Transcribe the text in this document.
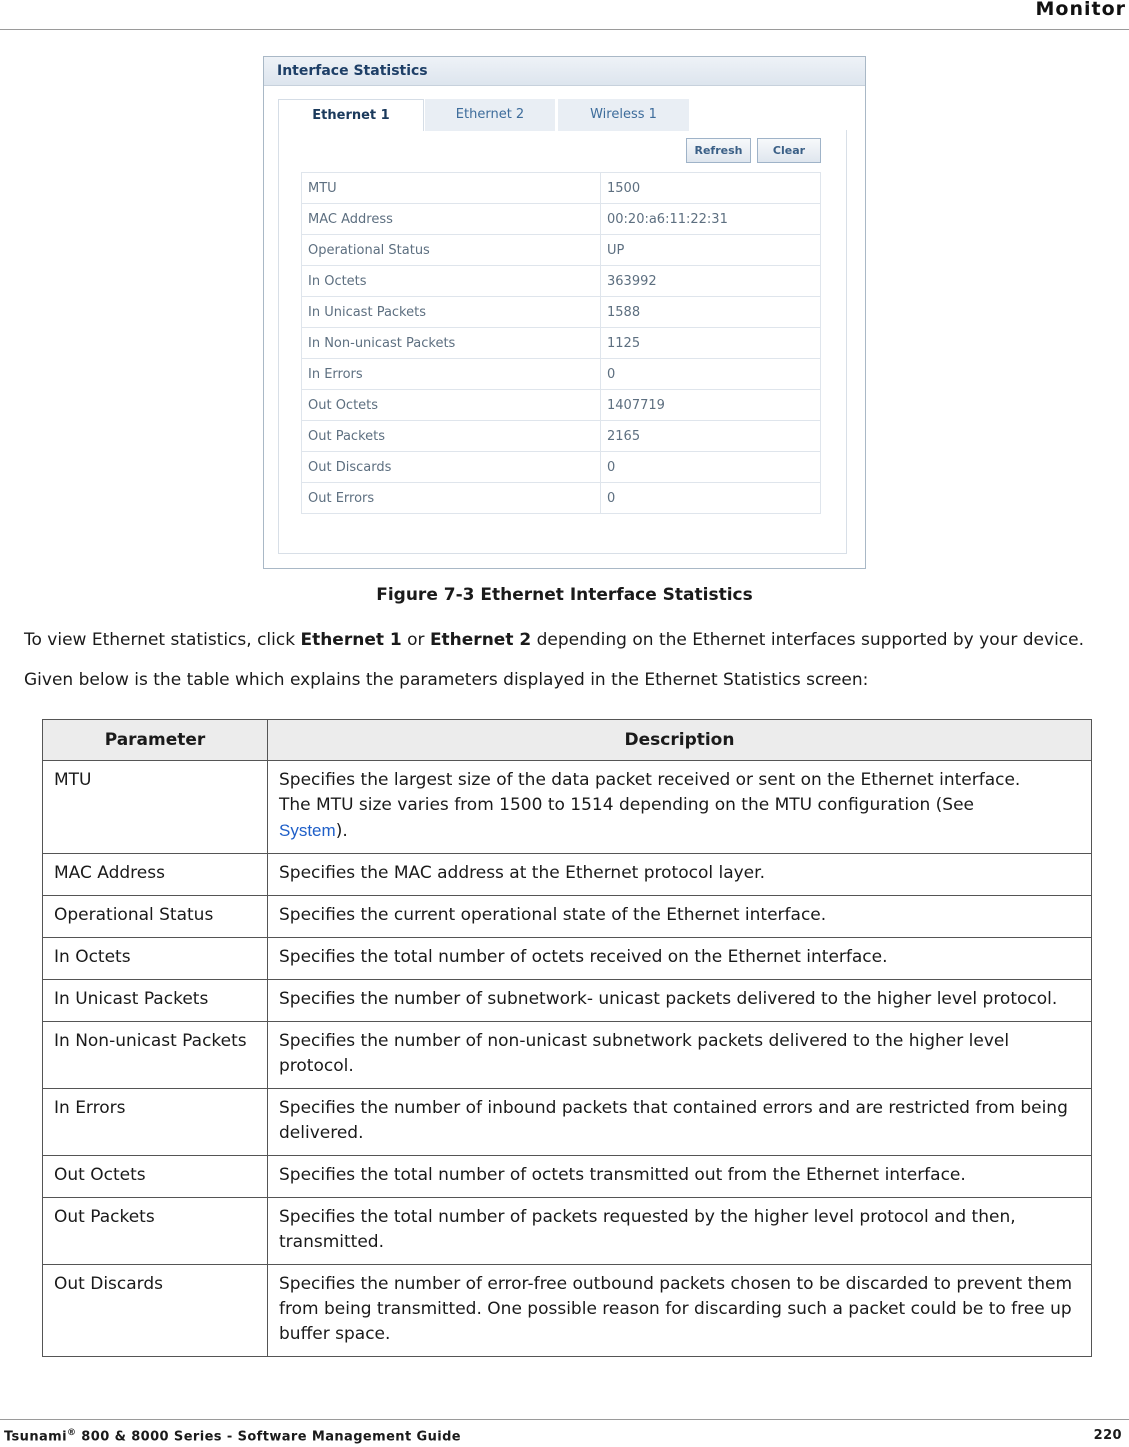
Monitor
Interface Statistics
Ethernet 1	Ethernet 2	Wireless 1
Refresh	Clear
MTU	1500
MAC Address	00:20:a6:11:22:31
Operational Status	UP
In Octets	363992
In Unicast Packets	1588
In Non-unicast Packets	1125
In Errors	0
Out Octets	1407719
Out Packets	2165
Out Discards	0
Out Errors	0
Figure 7-3 Ethernet Interface Statistics
To view Ethernet statistics, click Ethernet 1 or Ethernet 2 depending on the Ethernet interfaces supported by your device.
Given below is the table which explains the parameters displayed in the Ethernet Statistics screen:
Parameter	Description
MTU	Specifies the largest size of the data packet received or sent on the Ethernet interface.
The MTU size varies from 1500 to 1514 depending on the MTU configuration (See
System).
MAC Address	Specifies the MAC address at the Ethernet protocol layer.
Operational Status	Specifies the current operational state of the Ethernet interface.
In Octets	Specifies the total number of octets received on the Ethernet interface.
In Unicast Packets	Specifies the number of subnetwork- unicast packets delivered to the higher level protocol.
In Non-unicast Packets	Specifies the number of non-unicast subnetwork packets delivered to the higher level protocol.
In Errors	Specifies the number of inbound packets that contained errors and are restricted from being delivered.
Out Octets	Specifies the total number of octets transmitted out from the Ethernet interface.
Out Packets	Specifies the total number of packets requested by the higher level protocol and then, transmitted.
Out Discards	Specifies the number of error-free outbound packets chosen to be discarded to prevent them from being transmitted. One possible reason for discarding such a packet could be to free up buffer space.
Tsunami® 800 & 8000 Series - Software Management Guide	220
